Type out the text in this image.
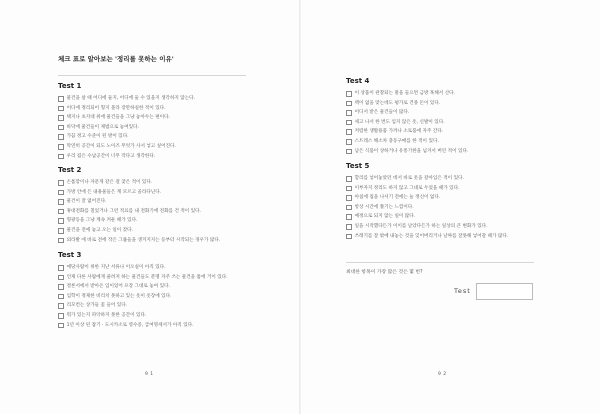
체크 표로 알아보는 '정리를 못하는 이유'
Test 1
물건을 살 때 어디에 둘지, 어디에 둘 수 있을지 생각하지 않는다.
어디에 정리되어 형지 몰라 장만하실한 적이 있다.
택지나 초지대 위에 물건들을 그냥 놓아두는 편이다.
바닥에 물건들이 제법으로 놓여있다.
가끔 정고 수준이 된 방이 있다.
막연히 공간이 되도 노이즈 무엇가 사서 넣고 싶어진다.
우리 집은 수납공간이 너무 작다고 생각한다.
Test 2
손톱깎이나 자문게 같은 걸 찾은 적이 있다.
가방 안에 든 내용물들은 계 모르고 골라다닌다.
물건이 잘 없어진다.
휴대전화를 칠었거나 그런 적료를 내 전화기에 전화를 건 적이 있다.
형광등을 그냥 계속 켜둔 때가 있다.
물건을 전에 놓고 오는 일이 잦다.
외라발 에 바로 전에 작은 그룹들을 생겨지지는 등부터 시작되는 경우가 많다.
Test 3
애당사람이 위한 지난 서류나 이오실이 아직 있다.
언제 다른 사람에게 줄려져 하는 물건들도 분명 자주 쓰는 물건을 톱에 거이 있다.
결론서에서 받아온 입이었어 포장 그대로 놓여 있다.
입학이 정제한 비리치 못하고 있는 옷이 옷장에 있다.
리모컨는 상가들 꽃 들어 있다.
뭐가 있는지 파악하지 못한 공간이 있다.
1년 이상 된 잡기 · 도시카소로 영수증, 급여명세서가 아직 있다.
9 1
Test 4
이 상품이 관찰되는 말을 들으면 금방 혹해서 산다.
맥이 없을 맞는데도 평가로 건종 돈이 있다.
어디서 받은 물건들이 많다.
세고 나서 한 번도 입지 않은 옷, 신발이 있다.
저렴한 생활용품 가까나 소토품에 자주 간다.
스트레스 해소차 충동구매를 한 적이 있다.
남은 식품이 상하거나 유통기한을 넘겨서 버린 적이 있다.
Test 5
할리를 넣어놓았던 데서 바로 옷을 갈아입은 적이 있다.
이부자지 정리도 하지 않고 그대로 두었을 때가 있다.
아침에 집을 나서기 전에는 늘 정신이 없다.
항상 시간에 쫓기는 느낌이다.
예정으로 되지 않는 일이 많다.
일을 시작했다든가 이이를 날았다든가 하는 일상의 큰 변화가 있다.
쓰레기를 잘 밖에 내놓는 것을 잊어버리거나 날짜를 잘못해 넣어갈 때가 많다.
최대한 항목이 가장 많은 것은 몇 번?
Test
9 2
